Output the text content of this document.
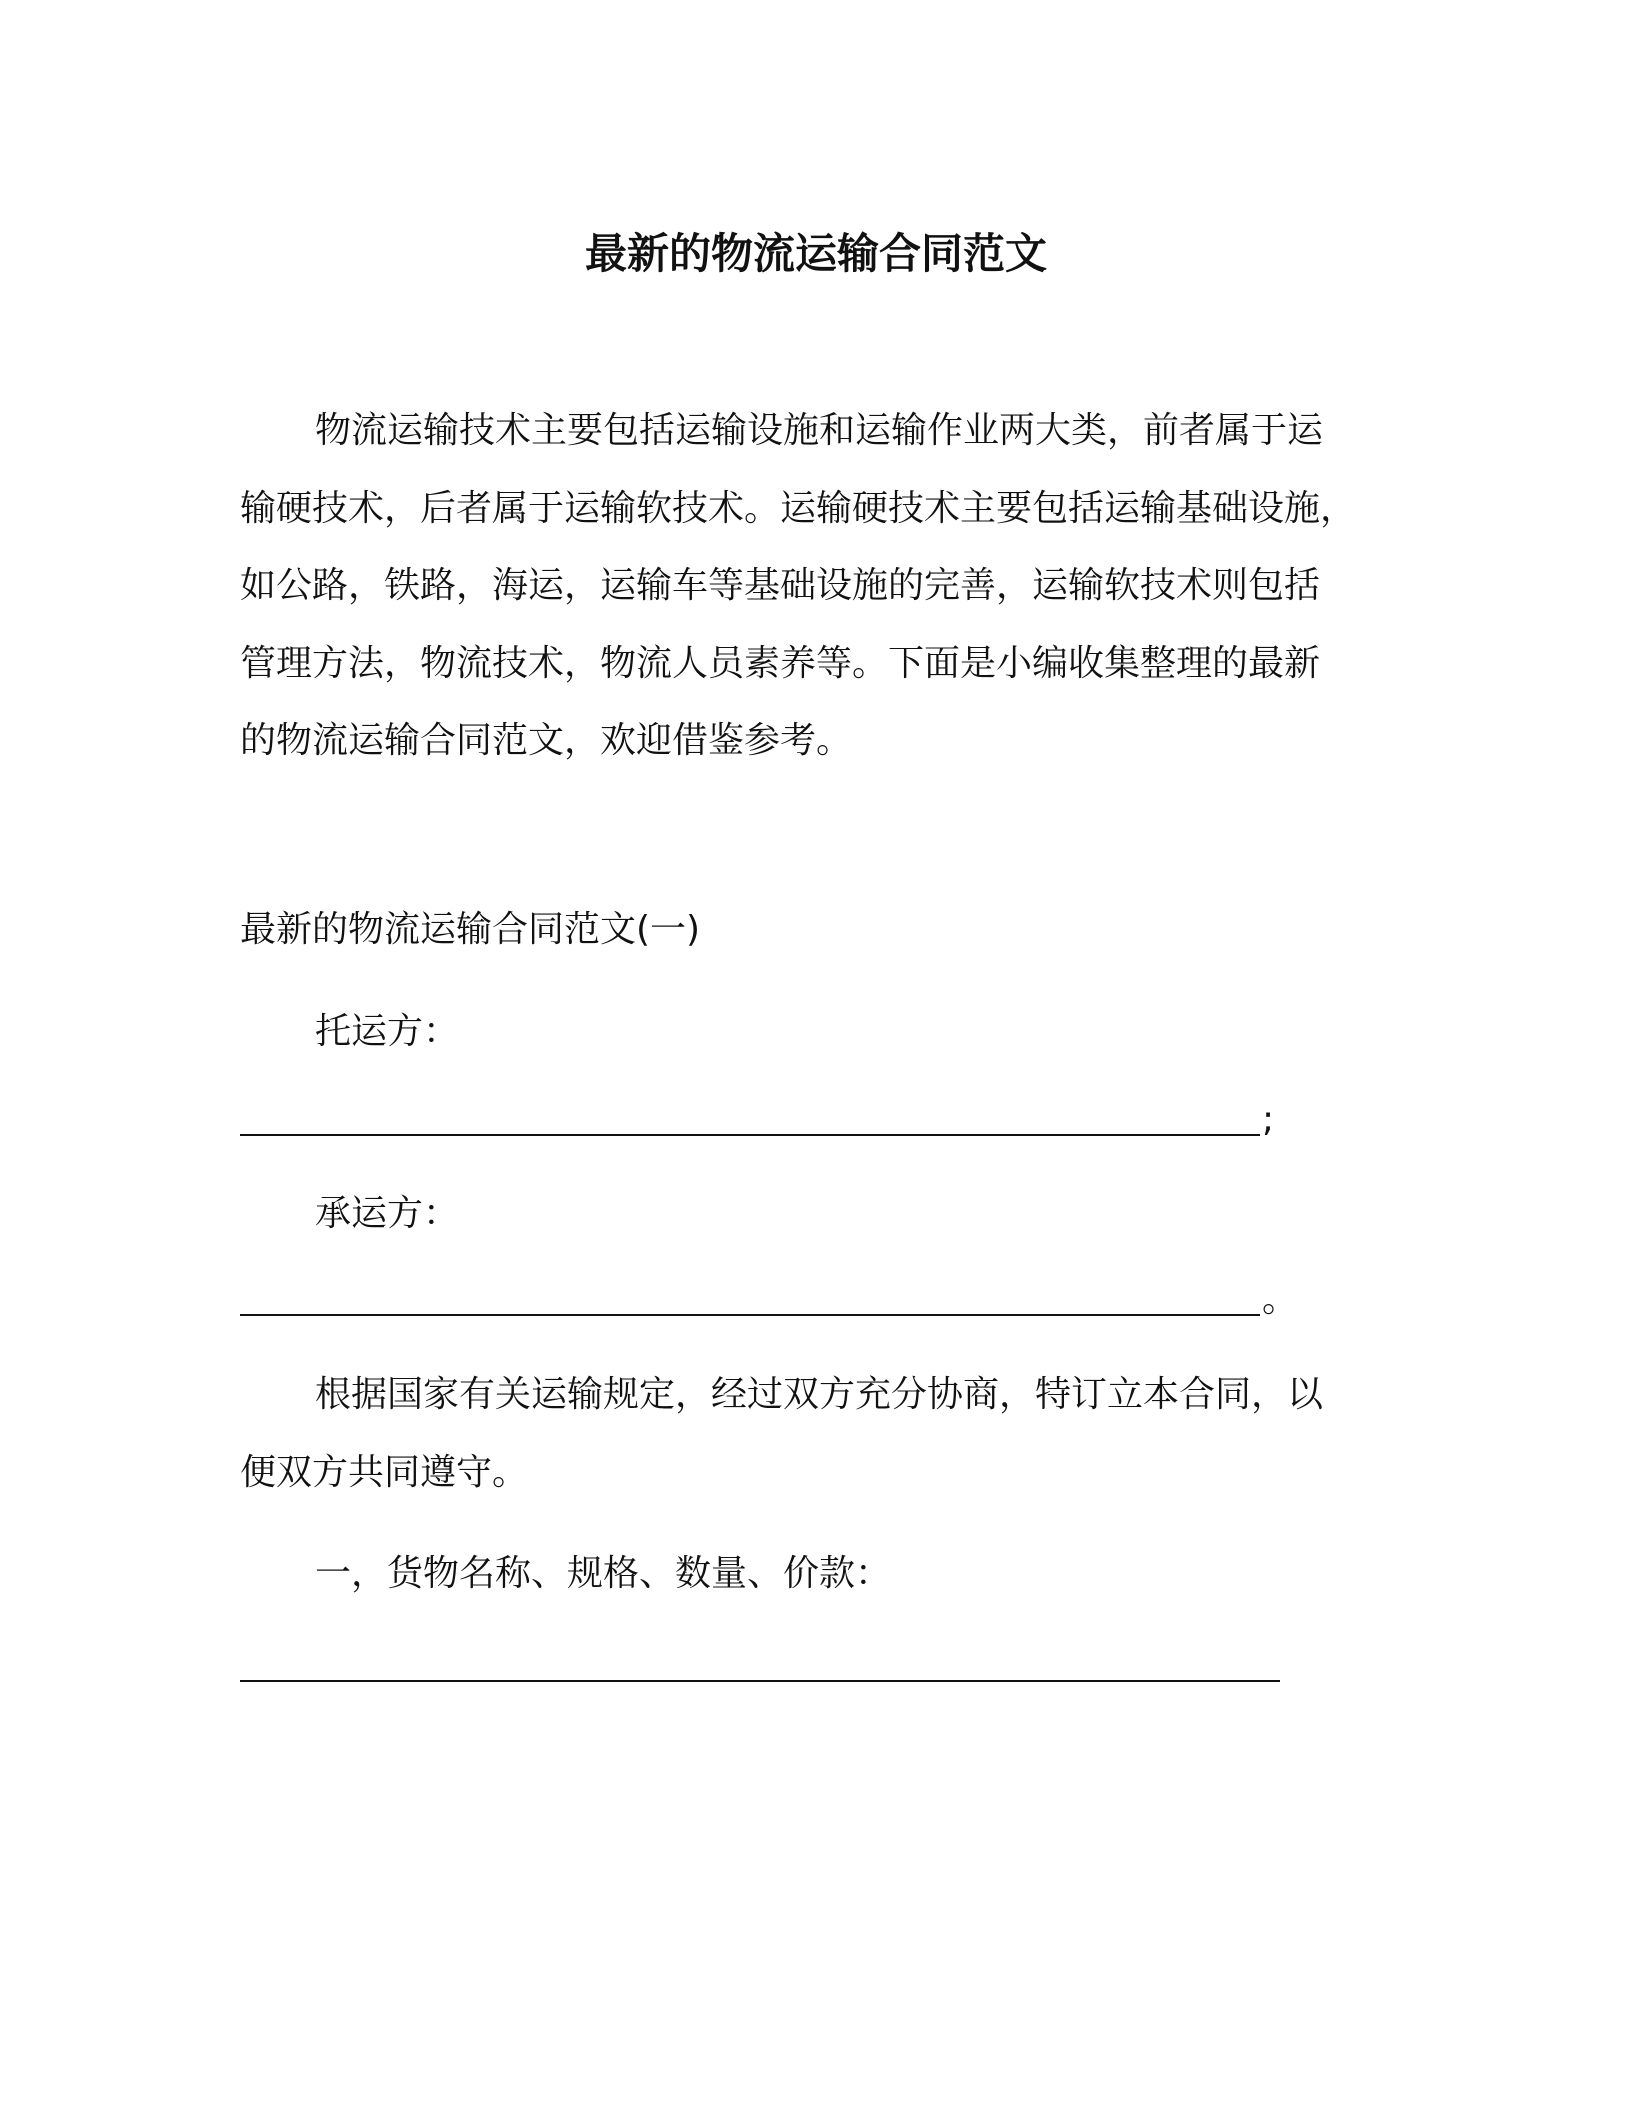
最新的物流运输合同范文
物流运输技术主要包括运输设施和运输作业两大类，前者属于运
输硬技术，后者属于运输软技术。运输硬技术主要包括运输基础设施，
如公路，铁路，海运，运输车等基础设施的完善，运输软技术则包括
管理方法，物流技术，物流人员素养等。下面是小编收集整理的最新
的物流运输合同范文，欢迎借鉴参考。
最新的物流运输合同范文(一)
托运方：
;
承运方：
。
根据国家有关运输规定，经过双方充分协商，特订立本合同，以
便双方共同遵守。
一，货物名称、规格、数量、价款：
